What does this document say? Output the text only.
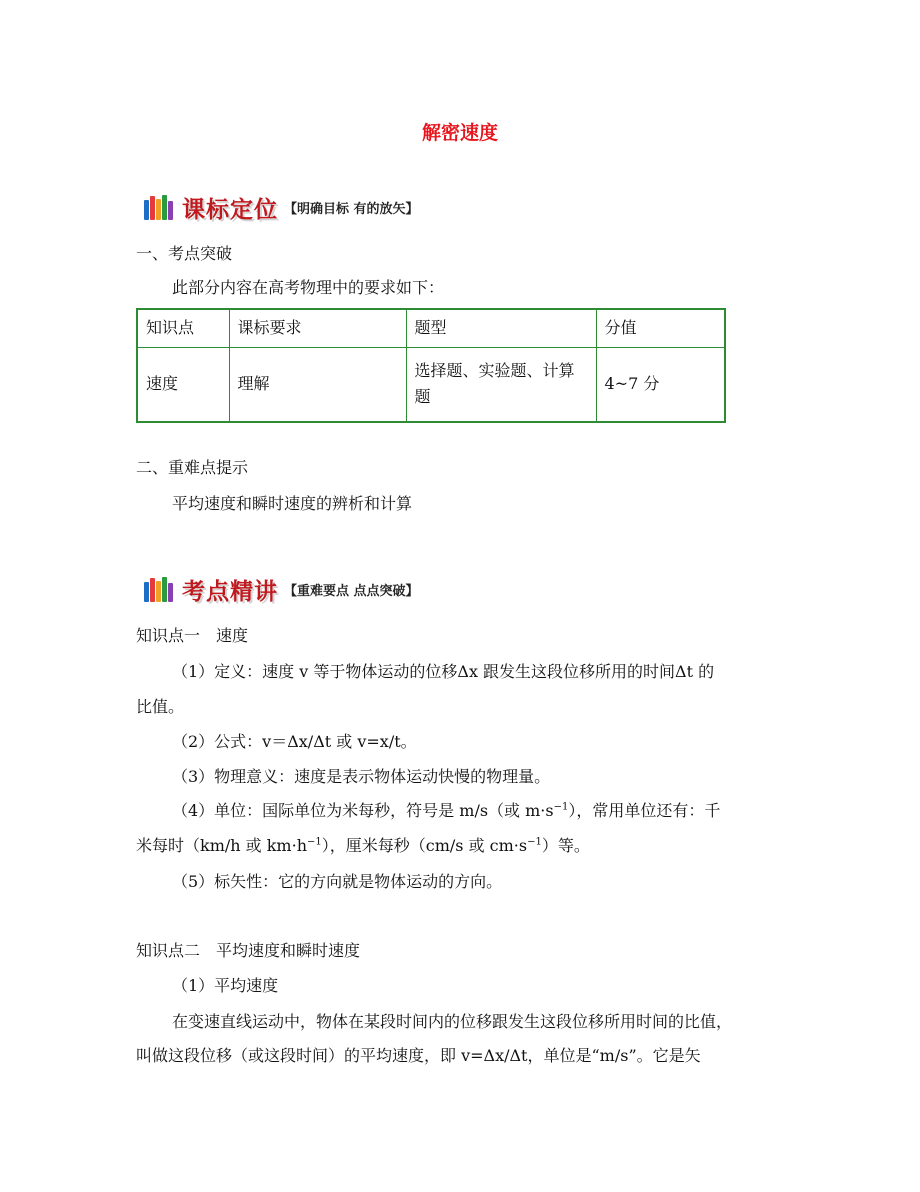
解密速度
课标定位 【明确目标 有的放矢】
一、考点突破
此部分内容在高考物理中的要求如下：
知识点	课标要求	题型	分值
速度	理解	选择题、实验题、计算题	4~7 分
二、重难点提示
平均速度和瞬时速度的辨析和计算
考点精讲 【重难要点 点点突破】
知识点一　速度
（1）定义：速度 v 等于物体运动的位移Δx 跟发生这段位移所用的时间Δt 的
比值。
（2）公式：v＝Δx/Δt 或 v=x/t。
（3）物理意义：速度是表示物体运动快慢的物理量。
（4）单位：国际单位为米每秒，符号是 m/s（或 $m\cdot s^{-1}$），常用单位还有：千
米每时（km/h 或 $km\cdot h^{-1}$），厘米每秒（cm/s 或 $cm\cdot s^{-1}$）等。
（5）标矢性：它的方向就是物体运动的方向。
知识点二　平均速度和瞬时速度
（1）平均速度
在变速直线运动中，物体在某段时间内的位移跟发生这段位移所用时间的比值，
叫做这段位移（或这段时间）的平均速度，即 v=Δx/Δt，单位是“m/s”。它是矢
